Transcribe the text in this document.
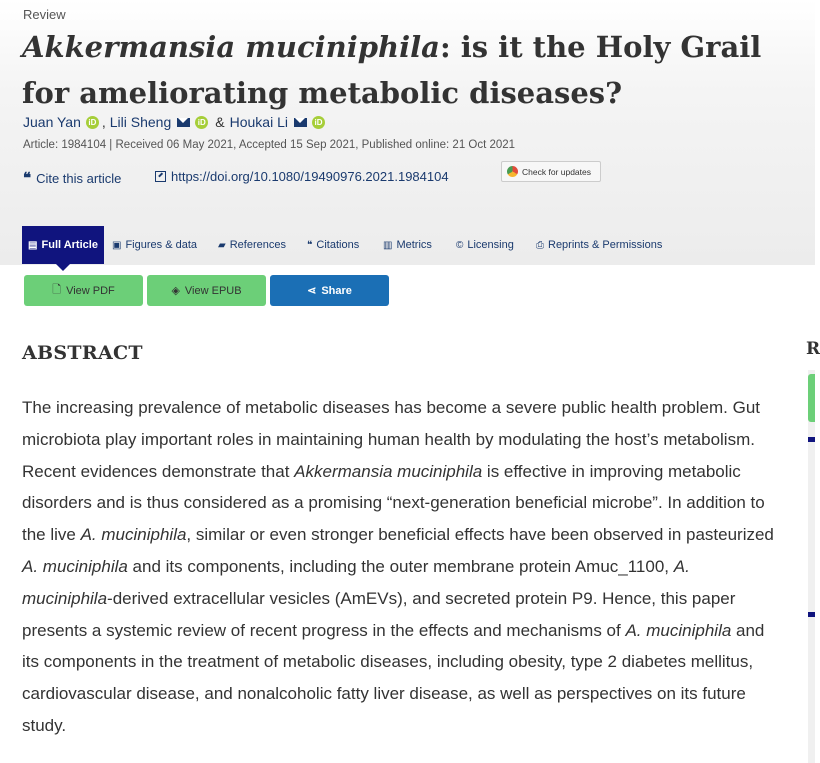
Review
Akkermansia muciniphila: is it the Holy Grail for ameliorating metabolic diseases?
Juan Yan iD , Lili Sheng	iD & Houkai Li	iD
Article: 1984104 | Received 06 May 2021, Accepted 15 Sep 2021, Published online: 21 Oct 2021
❝ Cite this article	https://doi.org/10.1080/19490976.2021.1984104	Check for updates
▤ Full Article ▣ Figures & data ▰ References ❝ Citations ▥ Metrics © Licensing ⎙ Reprints & Permissions
🗋 View PDF	◈ View EPUB	⋖ Share
ABSTRACT

The increasing prevalence of metabolic diseases has become a severe public health problem. Gut microbiota play important roles in maintaining human health by modulating the host’s metabolism. Recent evidences demonstrate that Akkermansia muciniphila is effective in improving metabolic disorders and is thus considered as a promising “next-generation beneficial microbe”. In addition to the live A. muciniphila, similar or even stronger beneficial effects have been observed in pasteurized A. muciniphila and its components, including the outer membrane protein Amuc_1100, A. muciniphila-derived extracellular vesicles (AmEVs), and secreted protein P9. Hence, this paper presents a systemic review of recent progress in the effects and mechanisms of A. muciniphila and its components in the treatment of metabolic diseases, including obesity, type 2 diabetes mellitus, cardiovascular disease, and nonalcoholic fatty liver disease, as well as perspectives on its future study.

R
